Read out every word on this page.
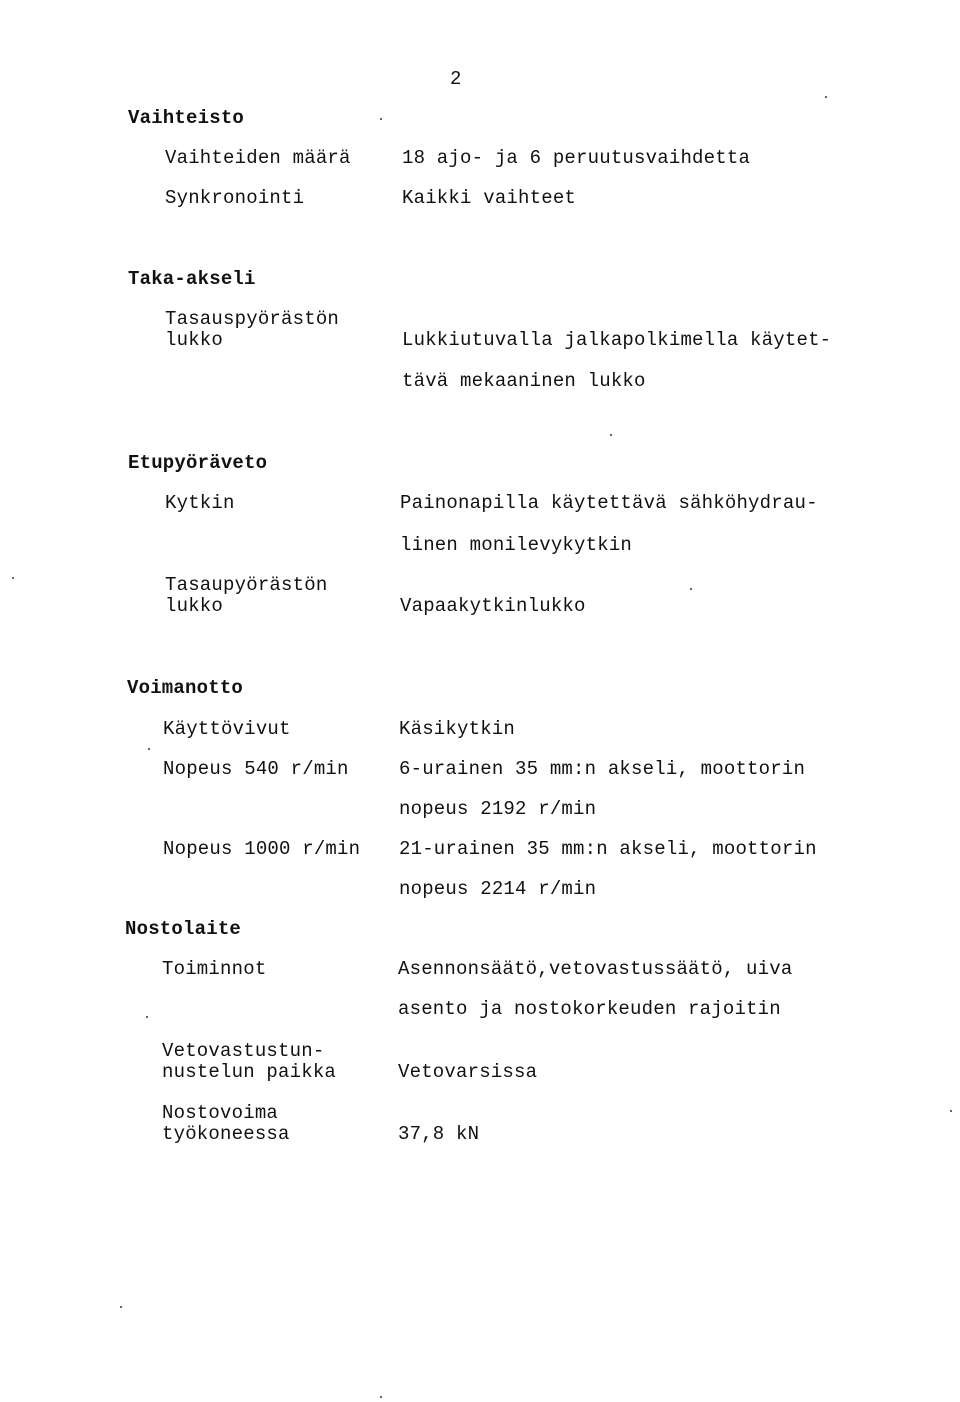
2
Vaihteisto
Vaihteiden määrä	18 ajo- ja 6 peruutusvaihdetta
Synkronointi	Kaikki vaihteet
Taka-akseli
Tasauspyörästön
lukko	Lukkiutuvalla jalkapolkimella käytet-
tävä mekaaninen lukko
Etupyöräveto
Kytkin	Painonapilla käytettävä sähköhydrau-
linen monilevykytkin
Tasaupyörästön
lukko	Vapaakytkinlukko
Voimanotto
Käyttövivut	Käsikytkin
Nopeus 540 r/min	6-urainen 35 mm:n akseli, moottorin
nopeus 2192 r/min
Nopeus 1000 r/min 21-urainen 35 mm:n akseli, moottorin
nopeus 2214 r/min
Nostolaite
Toiminnot	Asennonsäätö,vetovastussäätö, uiva
asento ja nostokorkeuden rajoitin
Vetovastustun-
nustelun paikka	Vetovarsissa
Nostovoima
työkoneessa	37,8 kN
